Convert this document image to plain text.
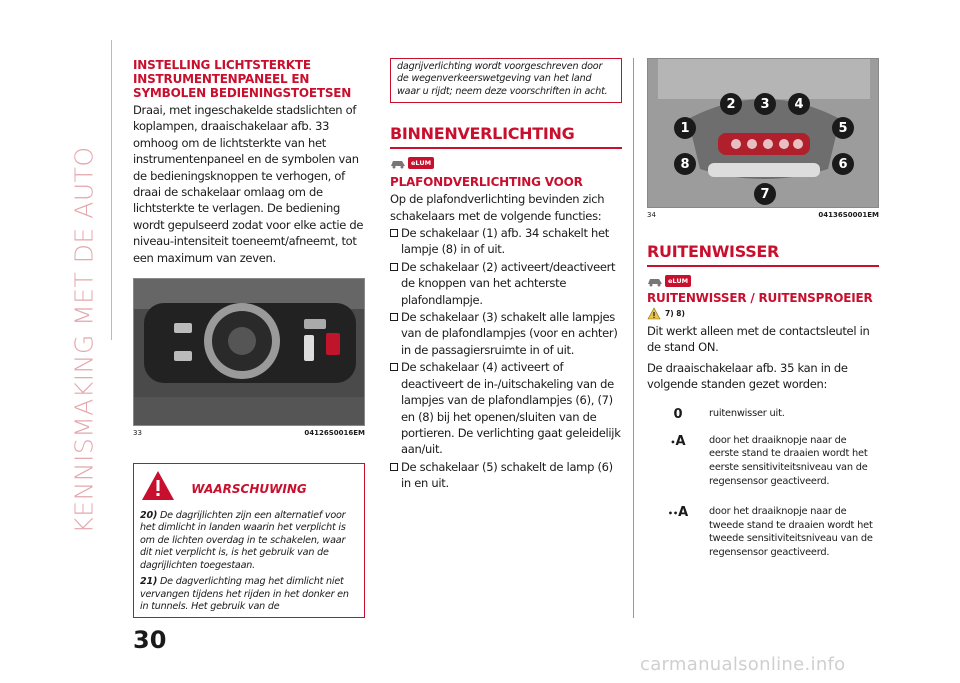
KENNISMAKING MET DE AUTO
INSTELLING LICHTSTERKTE INSTRUMENTENPANEEL EN SYMBOLEN BEDIENINGSTOETSEN
Draai, met ingeschakelde stadslichten of koplampen, draaischakelaar afb. 33 omhoog om de lichtsterkte van het instrumentenpaneel en de symbolen van de bedieningsknoppen te verhogen, of draai de schakelaar omlaag om de lichtsterkte te verlagen. De bediening wordt gepulseerd zodat voor elke actie de niveau-intensiteit toeneemt/afneemt, tot een maximum van zeven.
33	04126S0016EM
WAARSCHUWING
20) De dagrijlichten zijn een alternatief voor het dimlicht in landen waarin het verplicht is om de lichten overdag in te schakelen, waar dit niet verplicht is, is het gebruik van de dagrijlichten toegestaan.
21) De dagverlichting mag het dimlicht niet vervangen tijdens het rijden in het donker en in tunnels. Het gebruik van de
dagrijverlichting wordt voorgeschreven door de wegenverkeerswetgeving van het land waar u rijdt; neem deze voorschriften in acht.
BINNENVERLICHTING
eLUM
PLAFONDVERLICHTING VOOR
Op de plafondverlichting bevinden zich schakelaars met de volgende functies:
De schakelaar (1) afb. 34 schakelt het lampje (8) in of uit.
De schakelaar (2) activeert/deactiveert de knoppen van het achterste plafondlampje.
De schakelaar (3) schakelt alle lampjes van de plafondlampjes (voor en achter) in de passagiersruimte in of uit.
De schakelaar (4) activeert of deactiveert de in-/uitschakeling van de lampjes van de plafondlampjes (6), (7) en (8) bij het openen/sluiten van de portieren. De verlichting gaat geleidelijk aan/uit.
De schakelaar (5) schakelt de lamp (6) in en uit.
1
2	3	4
5
6
7
8
34	04136S0001EM
RUITENWISSER
eLUM
RUITENWISSER / RUITENSPROEIER
7) 8)
Dit werkt alleen met de contactsleutel in de stand ON.
De draaischakelaar afb. 35 kan in de volgende standen gezet worden:
0	ruitenwisser uit.
•A	door het draaiknopje naar de eerste stand te draaien wordt het eerste sensitiviteitsniveau van de regensensor geactiveerd.
••A	door het draaiknopje naar de tweede stand te draaien wordt het tweede sensitiviteitsniveau van de regensensor geactiveerd.
30
carmanualsonline.info
